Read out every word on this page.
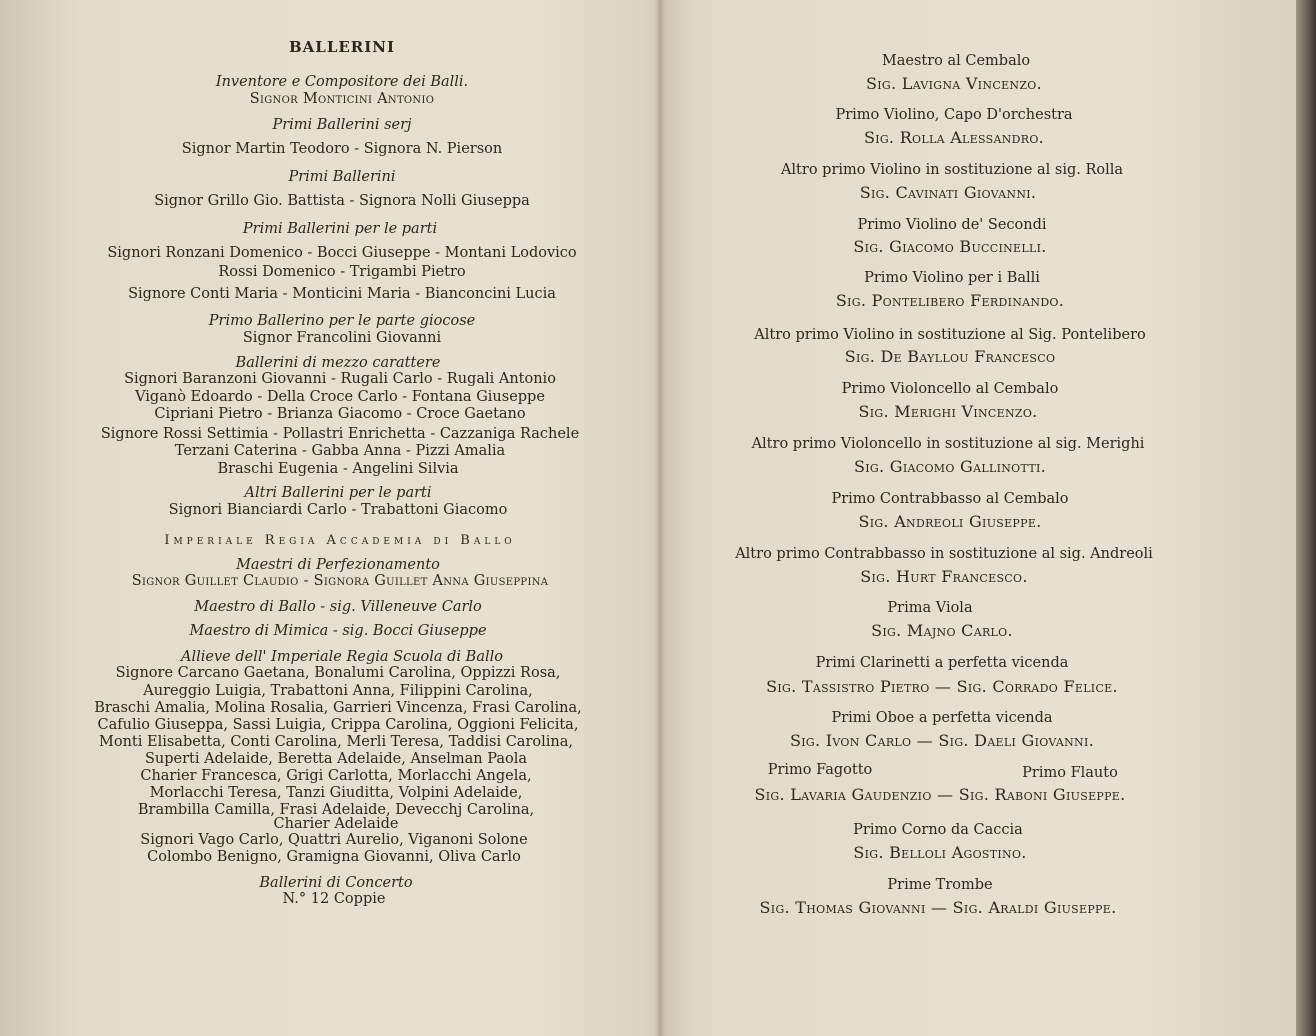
BALLERINI
Inventore e Compositore dei Balli.
Signor Monticini Antonio
Primi Ballerini serj
Signor Martin Teodoro - Signora N. Pierson
Primi Ballerini
Signor Grillo Gio. Battista - Signora Nolli Giuseppa
Primi Ballerini per le parti
Signori Ronzani Domenico - Bocci Giuseppe - Montani Lodovico
Rossi Domenico - Trigambi Pietro
Signore Conti Maria - Monticini Maria - Bianconcini Lucia
Primo Ballerino per le parte giocose
Signor Francolini Giovanni
Ballerini di mezzo carattere
Signori Baranzoni Giovanni - Rugali Carlo - Rugali Antonio
Viganò Edoardo - Della Croce Carlo - Fontana Giuseppe
Cipriani Pietro - Brianza Giacomo - Croce Gaetano
Signore Rossi Settimia - Pollastri Enrichetta - Cazzaniga Rachele
Terzani Caterina - Gabba Anna - Pizzi Amalia
Braschi Eugenia - Angelini Silvia
Altri Ballerini per le parti
Signori Bianciardi Carlo - Trabattoni Giacomo
Imperiale Regia Accademia di Ballo
Maestri di Perfezionamento
Signor Guillet Claudio - Signora Guillet Anna Giuseppina
Maestro di Ballo - sig. Villeneuve Carlo
Maestro di Mimica - sig. Bocci Giuseppe
Allieve dell' Imperiale Regia Scuola di Ballo
Signore Carcano Gaetana, Bonalumi Carolina, Oppizzi Rosa,
Aureggio Luigia, Trabattoni Anna, Filippini Carolina,
Braschi Amalia, Molina Rosalia, Garrieri Vincenza, Frasi Carolina,
Cafulio Giuseppa, Sassi Luigia, Crippa Carolina, Oggioni Felicita,
Monti Elisabetta, Conti Carolina, Merli Teresa, Taddisi Carolina,
Superti Adelaide, Beretta Adelaide, Anselman Paola
Charier Francesca, Grigi Carlotta, Morlacchi Angela,
Morlacchi Teresa, Tanzi Giuditta, Volpini Adelaide,
Brambilla Camilla, Frasi Adelaide, Devecchj Carolina,
Charier Adelaide
Signori Vago Carlo, Quattri Aurelio, Viganoni Solone
Colombo Benigno, Gramigna Giovanni, Oliva Carlo
Ballerini di Concerto
N.° 12 Coppie
Maestro al Cembalo
Sig. Lavigna Vincenzo.
Primo Violino, Capo D'orchestra
Sig. Rolla Alessandro.
Altro primo Violino in sostituzione al sig. Rolla
Sig. Cavinati Giovanni.
Primo Violino de' Secondi
Sig. Giacomo Buccinelli.
Primo Violino per i Balli
Sig. Pontelibero Ferdinando.
Altro primo Violino in sostituzione al Sig. Pontelibero
Sig. De Bayllou Francesco
Primo Violoncello al Cembalo
Sig. Merighi Vincenzo.
Altro primo Violoncello in sostituzione al sig. Merighi
Sig. Giacomo Gallinotti.
Primo Contrabbasso al Cembalo
Sig. Andreoli Giuseppe.
Altro primo Contrabbasso in sostituzione al sig. Andreoli
Sig. Hurt Francesco.
Prima Viola
Sig. Majno Carlo.
Primi Clarinetti a perfetta vicenda
Sig. Tassistro Pietro — Sig. Corrado Felice.
Primi Oboe a perfetta vicenda
Sig. Ivon Carlo — Sig. Daeli Giovanni.
Primo Fagotto	Primo Flauto
Sig. Lavaria Gaudenzio — Sig. Raboni Giuseppe.
Primo Corno da Caccia
Sig. Belloli Agostino.
Prime Trombe
Sig. Thomas Giovanni — Sig. Araldi Giuseppe.
